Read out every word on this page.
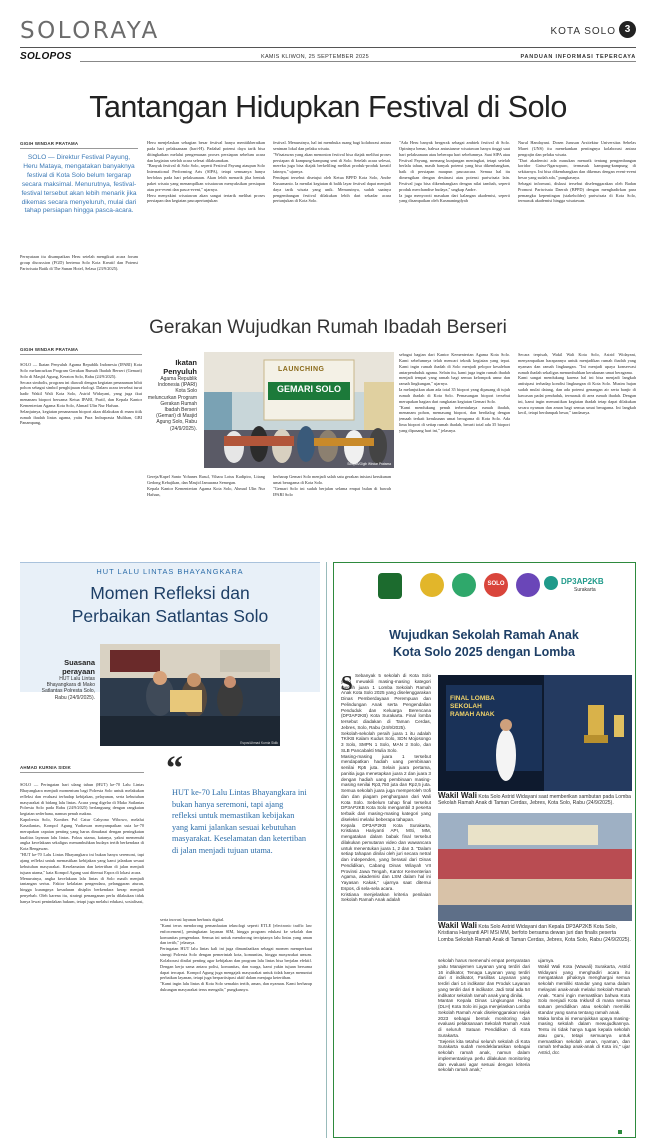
SOLORAYA	KOTA SOLO 3
SOLOPOS	KAMIS KLIWON, 25 SEPTEMBER 2025	PANDUAN INFORMASI TEPERCAYA
Tantangan Hidupkan Festival di Solo
GIGIH WINDAR PRATAMA
SOLO — Direktur Festival Payung, Heru Mataya, mengatakan banyaknya festival di Kota Solo belum tergarap secara maksimal. Menurutnya, festival-festival tersebut akan lebih menarik jika dikemas secara menyeluruh, mulai dari tahap persiapan hingga pasca-acara.
Pernyataan itu disampaikan Heru setelah mengikuti acara forum group discussion (FGD) bertema Solo Kota Kreatif dan Potensi Pariwisata Batik di The Sunan Hotel, Selasa (23/9/2025).
Heru menjelaskan sebagian besar festival hanya menitikberatkan pada hari pelaksanaan (hari-H). Padahal potensi daya tarik bisa ditingkatkan melalui pengemasan proses persiapan sebelum acara dan kegiatan setelah acara selesai dilaksanakan.
"Banyak festival di Solo Solo, seperti Festival Payung ataupun Solo International Performing Arts (SIPA), tetapi semuanya hanya berfokus pada hari pelaksanaan. Akan lebih menarik jika bentuk paket wisata yang menampilkan wisatawan menyaksikan persiapan atau pre-event dan pasca-event," ujarnya.
Heru menyakini wisatawan akan sangat tertarik melihat proses persiapan dan kegiatan pascapertunjukan
festival. Menurutnya, hal ini membuka ruang bagi kolaborasi antara seniman lokal dan pelaku wisata.
"Wisatawan yang akan menonton festival bisa diajak melihat proses persiapan di kampung-kampung seni di Solo. Setelah acara selesai, mereka juga bisa diajak berkeliling melihat produk-produk kreatif lainnya," ujarnya.
Pendapat tersebut disetujui oleh Ketua BPPD Kota Solo, Andre Kusumanto. Ia menilai kegiatan di balik layar festival dapat menjadi daya tarik wisata yang unik. Menurutnya, sudah saatnya pengembangan festival dilakukan lebih dari sekadar acara pertunjukan di Kota Solo.
"Ada Heru banyak bergerak sebagai ambtek festival di Solo. Opininya benar, bahwa antusiasme wisatawan hanya tinggi saat hari pelaksanaan atau beberapa hari sebelumnya. Saat SIPA atau Festival Payung, memang kunjungan meningkat, tetapi setelah berlalu tahun, masih banyak potensi yang bisa dikembangkan, baik di persiapan maupun pascaacara. Semua hal itu dimengikan dengan destinasi atau potensi pariwisata lain. Festival juga bisa dikembangkan dengan nilai tambah, seperti produk merchandise budaya," ungkap Andre.
Ia juga menyoroti masukan dari kalangan akademisi, seperti yang disampaikan oleh Kusmaningdyah
Nurul Handayani. Dosen Jurusan Arsitektur Universitas Sebelas Maret (UNS) itu menekankan pentingnya kolaborasi antara pengrajin dan pelaku wisata.
"Dari akademisi ada masukan menarik tentang pengembangan koridor Gatsu-Ngarsopuro, termasuk kampung-kampung di sekitarnya. Ini bisa dikembangkan dan dikemas dengan event-event besar yang sudah ada," pungkasnya.
Sebagai informasi, diskusi tersebut diselenggarakan oleh Badan Promosi Pariwisata Daerah (BPPD) dengan menghadirkan para pemangku kepentingan (stakeholder) pariwisata di Kota Solo, termasuk akademisi hingga wisatawan.
Gerakan Wujudkan Rumah Ibadah Berseri
GIGIH WINDAR PRATAMA
SOLO — Ikatan Penyuluh Agama Republik Indonesia (IPARI) Kota Solo meluncurkan Program Gerakan Rumah Ibadah Berseri (Gemari) Solo di Masjid Agung, Keraton Solo, Rabu (24/9/2025).
Secara simbolis, program ini diawali dengan kegiatan penanaman bibit pohon sebagai simbol penghijauan ekologi. Dalam acara tersebut turut hadir Wakil Wali Kota Solo, Astrid Widayani, yang juga ikut menanam biopori bersama Ketua IPARI, Partil, dan Kepala Kantor Kementerian Agama Kota Solo, Ahmad Ulin Nur Hafsun.
Selanjutnya, kegiatan penanaman biopori akan dilakukan di enam titik rumah ibadah lintas agama, yaitu Pura Indraprasta Mulihan, GBI Panampang,
Ikatan Penyuluh
Agama Republik Indonesia (IPARI) Kota Solo meluncurkan Program Gerakan Rumah Ibadah Berseri (Gemari) di Masjid Agung Solo, Rabu (24/9/2025).
LAUNCHING
GEMARI SOLO
Solopos/Gigih Windar Pratama
Gereja/Kapel Santo Yohanes Rasul, Vihara Lotus Kadipiro, Litang Gedong Kebajikan, dan Masjid Jamurana Semegan.
Kepala Kantor Kementerian Agama Kota Solo, Ahmad Ulin Nur Hafsun,
berharap Gemari Solo menjadi salah satu gerakan inisiasi kerukunan umat beragama di Kota Solo.
"Gemari Solo ini sudah berjalan selama empat bulan di bawah IPARI Solo
sebagai bagian dari Kantor Kementerian Agama Kota Solo. Kami sebelumnya telah mencari teknik kegiatan yang tepat. Kami ingin rumah ibadah di Solo menjadi pelopor kesalehan antarpenduduk agama. Selain itu, kami juga ingin rumah ibadah menjadi tempat yang ramah bagi semua kelompok umur dan ramah lingkungan," ujarnya.
Ia melanjutkan akan ada total 35 biopori yang dipasang di tujuh rumah ibadah di Kota Solo. Pemasangan biopori tersebut merupakan bagian dari rangkaian kegiatan Gemari Solo.
"Kami mendukung penuh terbentuknya rumah ibadah, menanam pohon, memasang biopori, dan berdialog dengan jemaah terkait kerukunan umat beragama di Kota Solo. Ada lima biopori di setiap rumah ibadah, berarti total ada 35 biopori yang dipasang hari ini," jelasnya.
Secara terpisah, Wakil Wali Kota Solo, Astrid Widayani, menyampaikan harapannya untuk menjadikan rumah ibadah yang nyaman dan ramah lingkungan. "Ini menjadi upaya konservasi rumah ibadah sekaligus menumbuhkan kerukunan umat beragama.
Kami sangat mendukung karena hal ini bisa menjadi langkah antisipasi terhadap kondisi lingkungan di Kota Solo. Musim hujan sudah mulai datang, dan ada potensi genangan air serta banjir di kawasan padat penduduk, termasuk di area rumah ibadah. Dengan ini, kami ingin memastikan kegiatan ibadah tetap dapat dilakukan secara nyaman dan aman bagi semua umat beragama. Ini langkah kecil, tetapi berdampak besar," tandasnya.
HUT LALU LINTAS BHAYANGKARA
Momen Refleksi dan
Perbaikan Satlantas Solo
Suasana perayaan
HUT Lalu Lintas Bhayangkara di Mako Satlantas Polresta Solo, Rabu (24/9/2025).
Espos/Ahmad Kurnia Sidik
AHMAD KURNIA SIDIK
SOLO — Peringatan hari ulang tahun (HUT) ke-70 Lalu Lintas Bhayangkara menjadi momentum bagi Polresta Solo untuk melakukan refleksi dan evaluasi terhadap kebijakan, pelayanan, serta kebutuhan masyarakat di bidang lalu lintas. Acara yang digelar di Mako Satlantas Polresta Solo pada Rabu (24/9/2025) berlangsung dengan rangkaian kegiatan sederhana, namun penuh makna.
Kapolresta Solo, Kombes Pol Catur Cahyono Wibowo, melalui Kasatlantas, Kompol Agung Yudiawan menyampaikan usia ke-70 merupakan capaian penting yang harus dimaknai dengan peningkatan kualitas layanan lalu lintas. Fokus utama, katanya, yakni memenuhi angka kecelakaan sekaligus menumbuhkan budaya tertib berkendara di Kota Bengawan.
"HUT ke-70 Lalu Lintas Bhayangkara ini bukan hanya seremoni, tapi ajang refleksi untuk memastikan kebijakan yang kami jalankan sesuai kebutuhan masyarakat. Keselamatan dan ketertiban di jalan menjadi tujuan utama," kata Kompol Agung saat ditemui Espos di lokasi acara.
Menurutnya, angka kecelakaan lalu lintas di Solo masih menjadi tantangan serius. Faktor kelalaian pengendara, pelanggaran aturan, hingga kurangnya kesadaran disiplin berkendara kerap menjadi penyebab. Oleh karena itu, strategi penanganan perlu dilakukan tidak hanya lewat penindakan hukum, tetapi juga melalui edukasi, sosialisasi,
“
HUT ke-70 Lalu Lintas Bhayangkara ini bukan hanya seremoni, tapi ajang refleksi untuk memastikan kebijakan yang kami jalankan sesuai kebutuhan masyarakat. Keselamatan dan ketertiban di jalan menjadi tujuan utama.
serta inovasi layanan berbasis digital.
"Kami terus mendorong pemanfaatan teknologi seperti ETLE [electronic traffic law enforcement], peningkatan layanan SIM, hingga program edukasi ke sekolah dan komunitas pengendara. Semua ini untuk mendorong terciptanya lalu lintas yang aman dan tertib," jelasnya.
Peringatan HUT lalu lintas kali ini juga dimanfaatkan sebagai momen memperkuat sinergi Polresta Solo dengan pemerintah kota, komunitas, hingga masyarakat umum. Kolaborasi dinilai penting agar kebijakan dan program lalu lintas bisa berjalan efektif. Dengan kerja sama antara polisi, komunitas, dan warga, kami yakin tujuan bersama dapat tercapai. Kompol Agung juga mengajak masyarakat untuk tidak hanya menuntut perbaikan layanan, tetapi juga berpartisipasi aktif dalam menjaga ketertiban.
"Kami ingin lalu lintas di Kota Solo semakin tertib, aman, dan nyaman. Kami berharap dukungan masyarakat terus mengalir," pungkasnya.
SOLO	DP3AP2KB
Surakarta
Wujudkan Sekolah Ramah Anak
Kota Solo 2025 dengan Lomba
S Sebanyak 5 sekolah di Kota Solo yang mewakili masing-masing kategori meraih juara 1 Lomba Sekolah Ramah Anak Kota Solo 2025 yang diselenggarakan Dinas Pemberdayaan Perempuan dan Pelindungan Anak serta Pengendalian Penduduk dan Keluarga Berencana (DP3AP2KB) Kota Surakarta. Final lomba tersebut diadakan di Taman Cerdas, Jebres, Solo, Rabu (24/9/2025).
Sekolah-sekolah peraih juara 1 itu adalah TK/KB Kalam Kudus Solo, SDN Mojosongo 3 Solo, SMPN 1 Solo, MAN 2 Solo, dan SLB Pancabakti Mulia Solo.
Masing-masing juara 1 tersebut mendapatkan hadiah uang pembinaan senilai Rp5 juta. Selain juara pertama, panitia juga menetapkan juara 2 dan juara 3 dengan hadiah uang pembinaan masing-masing senilai Rp3,750 juta dan Rp2,5 juta. Semua sekolah juara juga memperoleh trofi dan dan piagam penghargaan dari Wali Kota Solo. Sebelum tahap final tersebut DP3AP2KB Kota Solo mengambil 3 peserta terbaik dari masing-masing kategori yang diseleksi melalui beberapa tahapan.
Kepala DP3AP2KB Kota Surakarta, Kristiana Hariyanti API, MSi, MM, mengatakan dalam babak final tersebut dilakukan pemutaran video dan wawancara untuk menentukan juara 1, 2 dan 3. "Dalam setiap tahapan dinilai oleh juri secara netral dan independen, yang berasal dari Dinas Pendidikan, Cabang Dinas Wilayah VII Provinsi Jawa Tengah, Kantor Kementerian Agama, akademisi dan LSM dalam hal ini Yayasan Kakak," ujarnya saat ditemui Espos, di sela-sela acara.
Kristiana menjelaskan kriteria penilaian Sekolah Ramah Anak adalah
FINAL LOMBA SEKOLAH RAMAH ANAK
Wakil Wali Kota Solo Astrid Widayani saat memberikan sambutan pada Lomba Sekolah Ramah Anak di Taman Cerdas, Jebres, Kota Solo, Rabu (24/9/2025).
Wakil Wali Kota Solo Astrid Widayani dan Kepala DP3AP2KB Kota Solo, Kristiana Hariyanti API MSi MM, berfoto bersama dewan juri dan finalis peserta Lomba Sekolah Ramah Anak di Taman Cerdas, Jebres, Kota Solo, Rabu (24/9/2025).
sekolah harus memenuhi empat persyaratan yaitu Manajemen Layanan yang terdiri dari 16 indikator, Tenaga Layanan yang terdiri dari 4 indikator, Fasilitas Layanan yang terdiri dari 14 indikator dan Produk Layanan yang terdiri dari 8 indikator. Jadi total ada 54 indikator sekolah ramah anak yang dinilai.
Mantan Kepala Dinas Lingkungan Hidup (DLH) Kota Solo ini juga menjelaskan Lomba Sekolah Ramah Anak diselenggarakan sejak 2023 sebagai bentuk monitoring dan evaluasi pelaksanaan Sekolah Ramah Anak di seluruh Satuan Pendidikan di Kota Surakarta.
"Sejenis kita tetahui seluruh sekolah di Kota Surakarta sudah mendeklarasikan sebagai sekolah ramah anak, namun dalam implementasinya perlu dilakukan monitoring dan evaluasi agar sesuai dengan kriteria sekolah ramah anak,"
ujarnya.
Wakil Wali Kota (Wawali) Surakarta, Astrid Widayani yang menghadiri acara itu mengatakan pihaknya menghargai semua sekolah memiliki standar yang sama dalam melayani anak-anak melalui Sekolah Ramah Anak. "Kami ingin memastikan bahwa Kota Solo menjadi Kota Inklusif di mana semua satuan pendidikan atau sekolah memiliki standar yang sama tentang ramah anak.
Maka lomba ini menunjukkan upaya masing-masing sekolah dalam mewujudkannya. Tentu ini tidak hanya tugas kepala sekolah atau guru, tetapi semuanya untuk memastikan sekolah aman, nyaman, dan ramah terhadap anak-anak di Kota ini," ujar Astrid, dcc
